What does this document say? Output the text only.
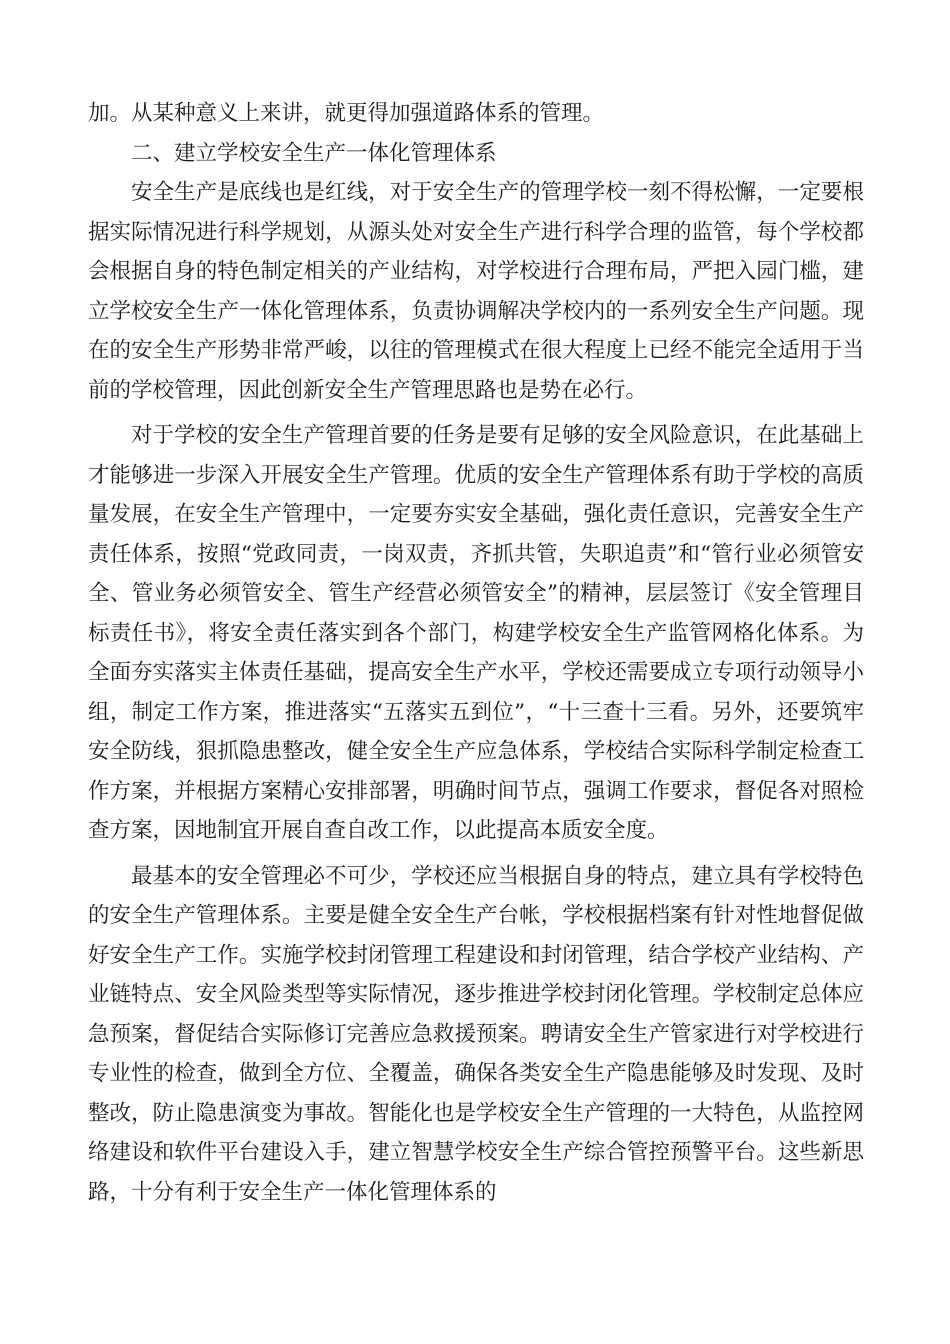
加。从某种意义上来讲，就更得加强道路体系的管理。

二、建立学校安全生产一体化管理体系

安全生产是底线也是红线，对于安全生产的管理学校一刻不得松懈，一定要根据实际情况进行科学规划，从源头处对安全生产进行科学合理的监管，每个学校都会根据自身的特色制定相关的产业结构，对学校进行合理布局，严把入园门槛，建立学校安全生产一体化管理体系，负责协调解决学校内的一系列安全生产问题。现在的安全生产形势非常严峻，以往的管理模式在很大程度上已经不能完全适用于当前的学校管理，因此创新安全生产管理思路也是势在必行。

对于学校的安全生产管理首要的任务是要有足够的安全风险意识，在此基础上才能够进一步深入开展安全生产管理。优质的安全生产管理体系有助于学校的高质量发展，在安全生产管理中，一定要夯实安全基础，强化责任意识，完善安全生产责任体系，按照“党政同责，一岗双责，齐抓共管，失职追责”和“管行业必须管安全、管业务必须管安全、管生产经营必须管安全”的精神，层层签订《安全管理目标责任书》，将安全责任落实到各个部门，构建学校安全生产监管网格化体系。为全面夯实落实主体责任基础，提高安全生产水平，学校还需要成立专项行动领导小组，制定工作方案，推进落实“五落实五到位”，“十三查十三看。另外，还要筑牢安全防线，狠抓隐患整改，健全安全生产应急体系，学校结合实际科学制定检查工作方案，并根据方案精心安排部署，明确时间节点，强调工作要求，督促各对照检查方案，因地制宜开展自查自改工作，以此提高本质安全度。

最基本的安全管理必不可少，学校还应当根据自身的特点，建立具有学校特色的安全生产管理体系。主要是健全安全生产台帐，学校根据档案有针对性地督促做好安全生产工作。实施学校封闭管理工程建设和封闭管理，结合学校产业结构、产业链特点、安全风险类型等实际情况，逐步推进学校封闭化管理。学校制定总体应急预案，督促结合实际修订完善应急救援预案。聘请安全生产管家进行对学校进行专业性的检查，做到全方位、全覆盖，确保各类安全生产隐患能够及时发现、及时整改，防止隐患演变为事故。智能化也是学校安全生产管理的一大特色，从监控网络建设和软件平台建设入手，建立智慧学校安全生产综合管控预警平台。这些新思路，十分有利于安全生产一体化管理体系的
